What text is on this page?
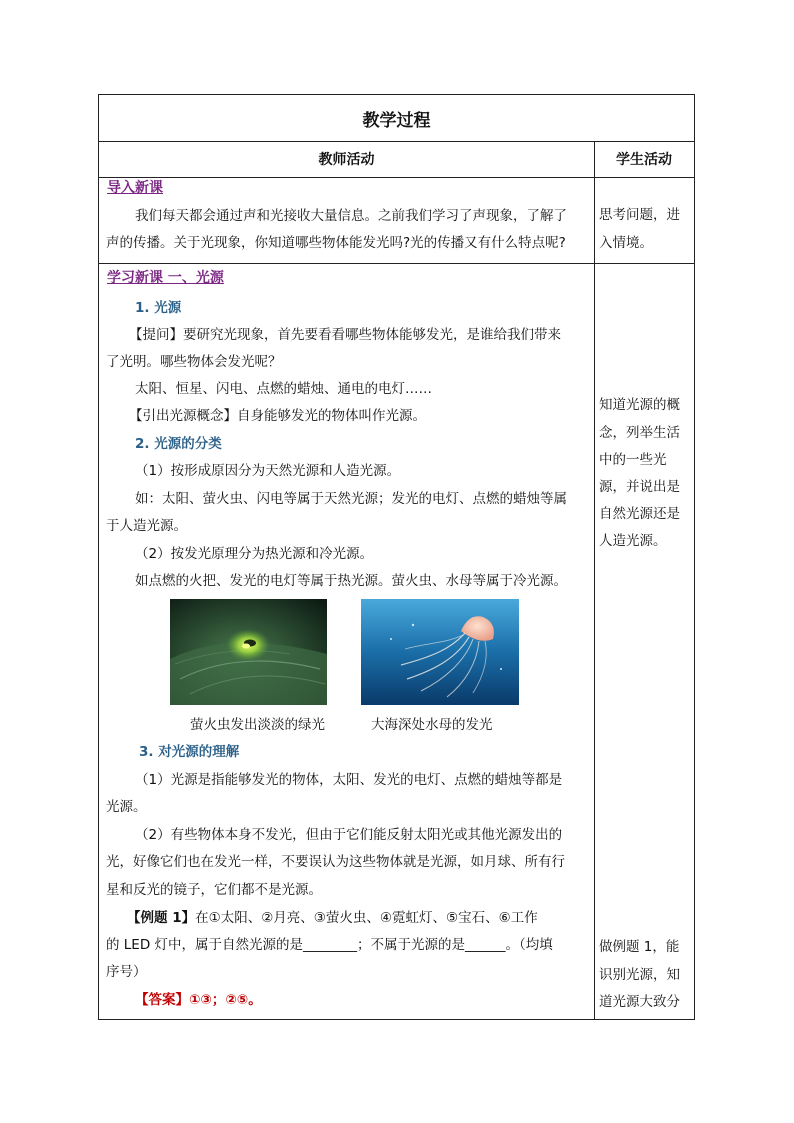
教学过程
教师活动	学生活动
导入新课
我们每天都会通过声和光接收大量信息。之前我们学习了声现象，了解了
声的传播。关于光现象，你知道哪些物体能发光吗?光的传播又有什么特点呢?
思考问题，进
入情境。
学习新课 一、光源
1. 光源
【提问】要研究光现象，首先要看看哪些物体能够发光，是谁给我们带来
了光明。哪些物体会发光呢？
太阳、恒星、闪电、点燃的蜡烛、通电的电灯……
【引出光源概念】自身能够发光的物体叫作光源。
2. 光源的分类
（1）按形成原因分为天然光源和人造光源。
如：太阳、萤火虫、闪电等属于天然光源；发光的电灯、点燃的蜡烛等属
于人造光源。
（2）按发光原理分为热光源和冷光源。
如点燃的火把、发光的电灯等属于热光源。萤火虫、水母等属于冷光源。
萤火虫发出淡淡的绿光	大海深处水母的发光
3. 对光源的理解
（1）光源是指能够发光的物体，太阳、发光的电灯、点燃的蜡烛等都是
光源。
（2）有些物体本身不发光，但由于它们能反射太阳光或其他光源发出的
光，好像它们也在发光一样，不要误认为这些物体就是光源，如月球、所有行
星和反光的镜子，它们都不是光源。
【例题 1】在①太阳、②月亮、③萤火虫、④霓虹灯、⑤宝石、⑥工作
的 LED 灯中，属于自然光源的是________；不属于光源的是______。（均填
序号）
【答案】①③；②⑤。
知道光源的概
念，列举生活
中的一些光
源，并说出是
自然光源还是
人造光源。
做例题 1，能
识别光源，知
道光源大致分
